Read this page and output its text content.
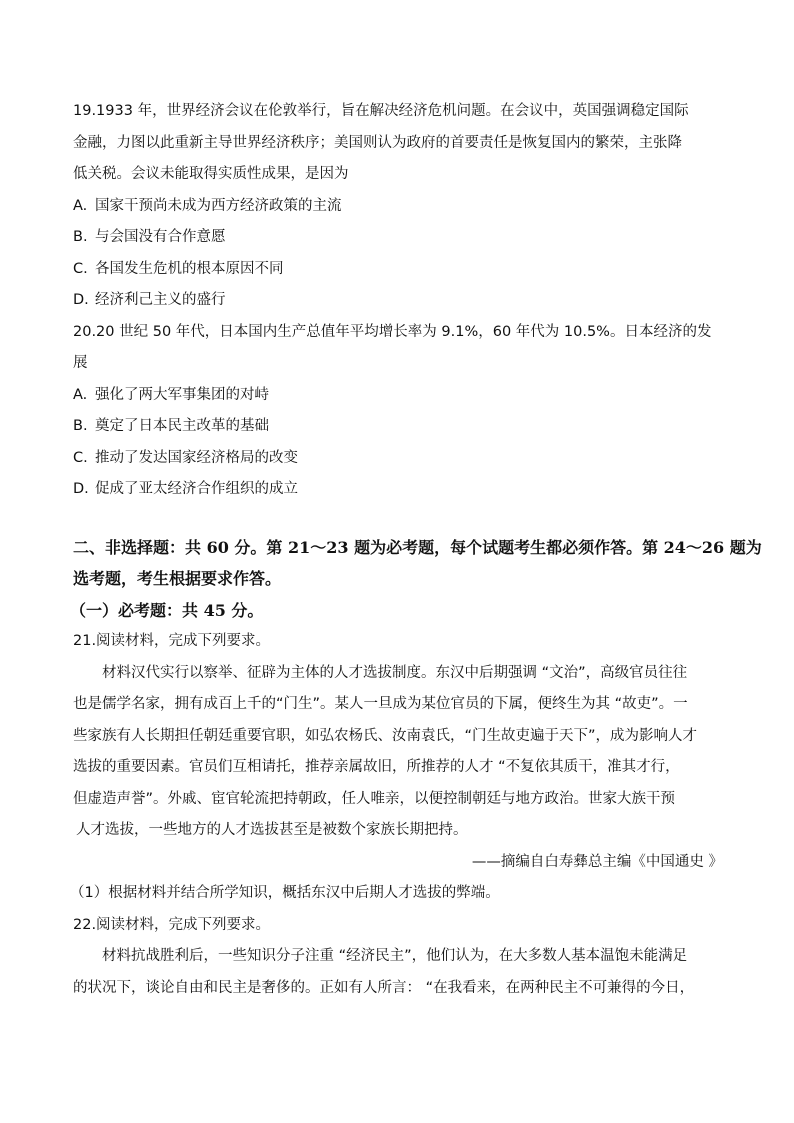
19.1933 年，世界经济会议在伦敦举行，旨在解决经济危机问题。在会议中，英国强调稳定国际
金融，力图以此重新主导世界经济秩序；美国则认为政府的首要责任是恢复国内的繁荣，主张降
低关税。会议未能取得实质性成果，是因为
A. 国家干预尚未成为西方经济政策的主流
B. 与会国没有合作意愿
C. 各国发生危机的根本原因不同
D. 经济利己主义的盛行
20.20 世纪 50 年代，日本国内生产总值年平均增长率为 9.1%，60 年代为 10.5%。日本经济的发
展
A. 强化了两大军事集团的对峙
B. 奠定了日本民主改革的基础
C. 推动了发达国家经济格局的改变
D. 促成了亚太经济合作组织的成立
二、非选择题：共 60 分。第 21～23 题为必考题，每个试题考生都必须作答。第 24～26 题为
选考题，考生根据要求作答。
（一）必考题：共 45 分。
21.阅读材料，完成下列要求。
材料汉代实行以察举、征辟为主体的人才选拔制度。东汉中后期强调 “文治”，高级官员往往
也是儒学名家，拥有成百上千的“门生”。某人一旦成为某位官员的下属，便终生为其 “故吏”。一
些家族有人长期担任朝廷重要官职，如弘农杨氏、汝南袁氏，“门生故吏遍于天下”，成为影响人才
选拔的重要因素。官员们互相请托，推荐亲属故旧，所推荐的人才 “不复依其质干，准其才行，
但虚造声誉”。外戚、宦官轮流把持朝政，任人唯亲，以便控制朝廷与地方政治。世家大族干预
人才选拔，一些地方的人才选拔甚至是被数个家族长期把持。
——摘编自白寿彝总主编《中国通史 》
（1）根据材料并结合所学知识，概括东汉中后期人才选拔的弊端。
22.阅读材料，完成下列要求。
材料抗战胜利后，一些知识分子注重 “经济民主”，他们认为，在大多数人基本温饱未能满足
的状况下，谈论自由和民主是奢侈的。正如有人所言： “在我看来，在两种民主不可兼得的今日，
